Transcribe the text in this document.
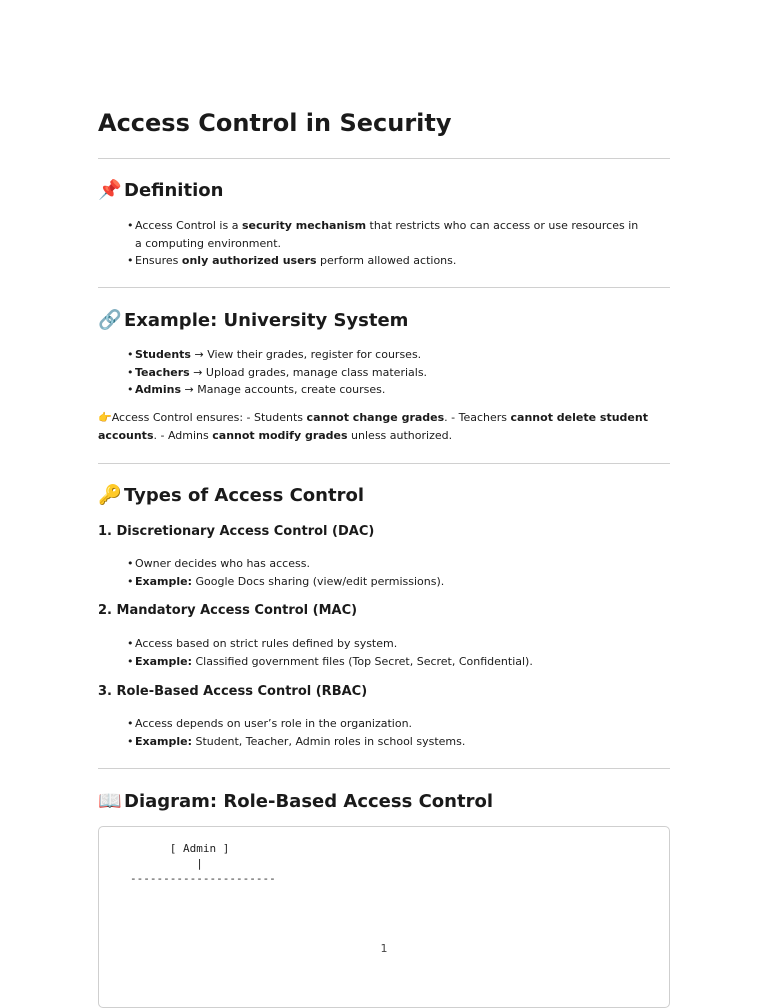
Access Control in Security
📌 Definition
• Access Control is a security mechanism that restricts who can access or use resources in a computing environment.
• Ensures only authorized users perform allowed actions.
🔗 Example: University System
• Students → View their grades, register for courses.
• Teachers → Upload grades, manage class materials.
• Admins → Manage accounts, create courses.

👉Access Control ensures: - Students cannot change grades. - Teachers cannot delete student accounts. - Admins cannot modify grades unless authorized.

🔑 Types of Access Control
1. Discretionary Access Control (DAC)
• Owner decides who has access.
• Example: Google Docs sharing (view/edit permissions).
2. Mandatory Access Control (MAC)
• Access based on strict rules defined by system.
• Example: Classified government files (Top Secret, Secret, Confidential).
3. Role-Based Access Control (RBAC)
• Access depends on user’s role in the organization.
• Example: Student, Teacher, Admin roles in school systems.
📖 Diagram: Role-Based Access Control
[ Admin ]
|
----------------------
1
